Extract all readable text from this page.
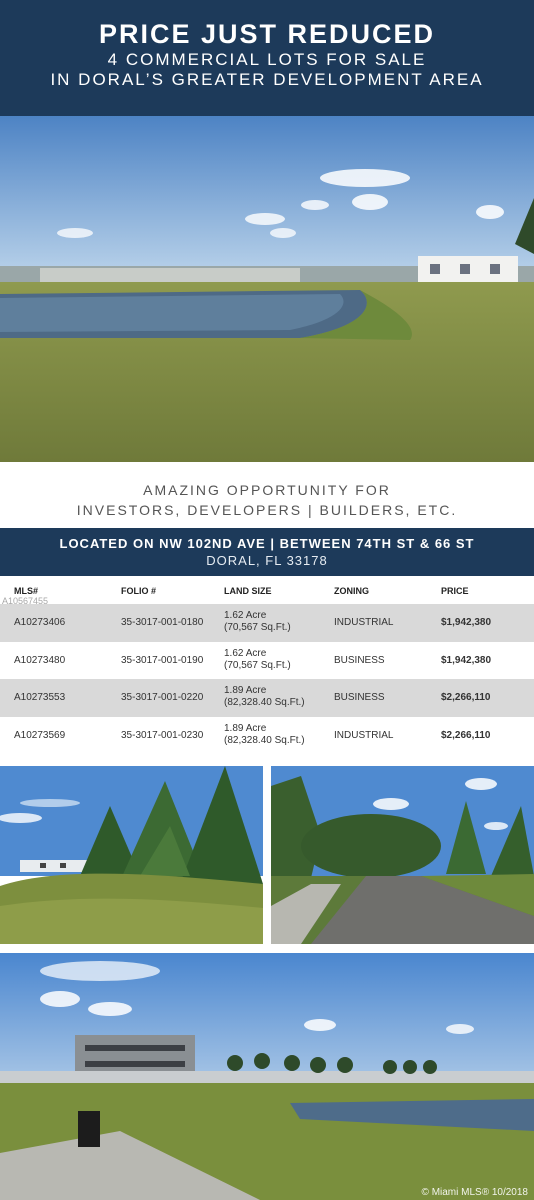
PRICE JUST REDUCED
4 COMMERCIAL LOTS FOR SALE
IN DORAL’S GREATER DEVELOPMENT AREA
AMAZING OPPORTUNITY FOR
INVESTORS, DEVELOPERS | BUILDERS, ETC.
LOCATED ON NW 102ND AVE | BETWEEN 74TH ST & 66 ST
DORAL, FL 33178
MLS#	FOLIO #	LAND SIZE	ZONING	PRICE
A10273406	35-3017-001-0180
1.62 Acre
(70,567 Sq.Ft.)	INDUSTRIAL	$1,942,380
A10273480	35-3017-001-0190
1.62 Acre
(70,567 Sq.Ft.)	BUSINESS	$1,942,380
A10273553	35-3017-001-0220
1.89 Acre
(82,328.40 Sq.Ft.)	BUSINESS	$2,266,110
A10273569	35-3017-001-0230
1.89 Acre
(82,328.40 Sq.Ft.)	INDUSTRIAL	$2,266,110
A10567455
© Miami MLS® 10/2018
